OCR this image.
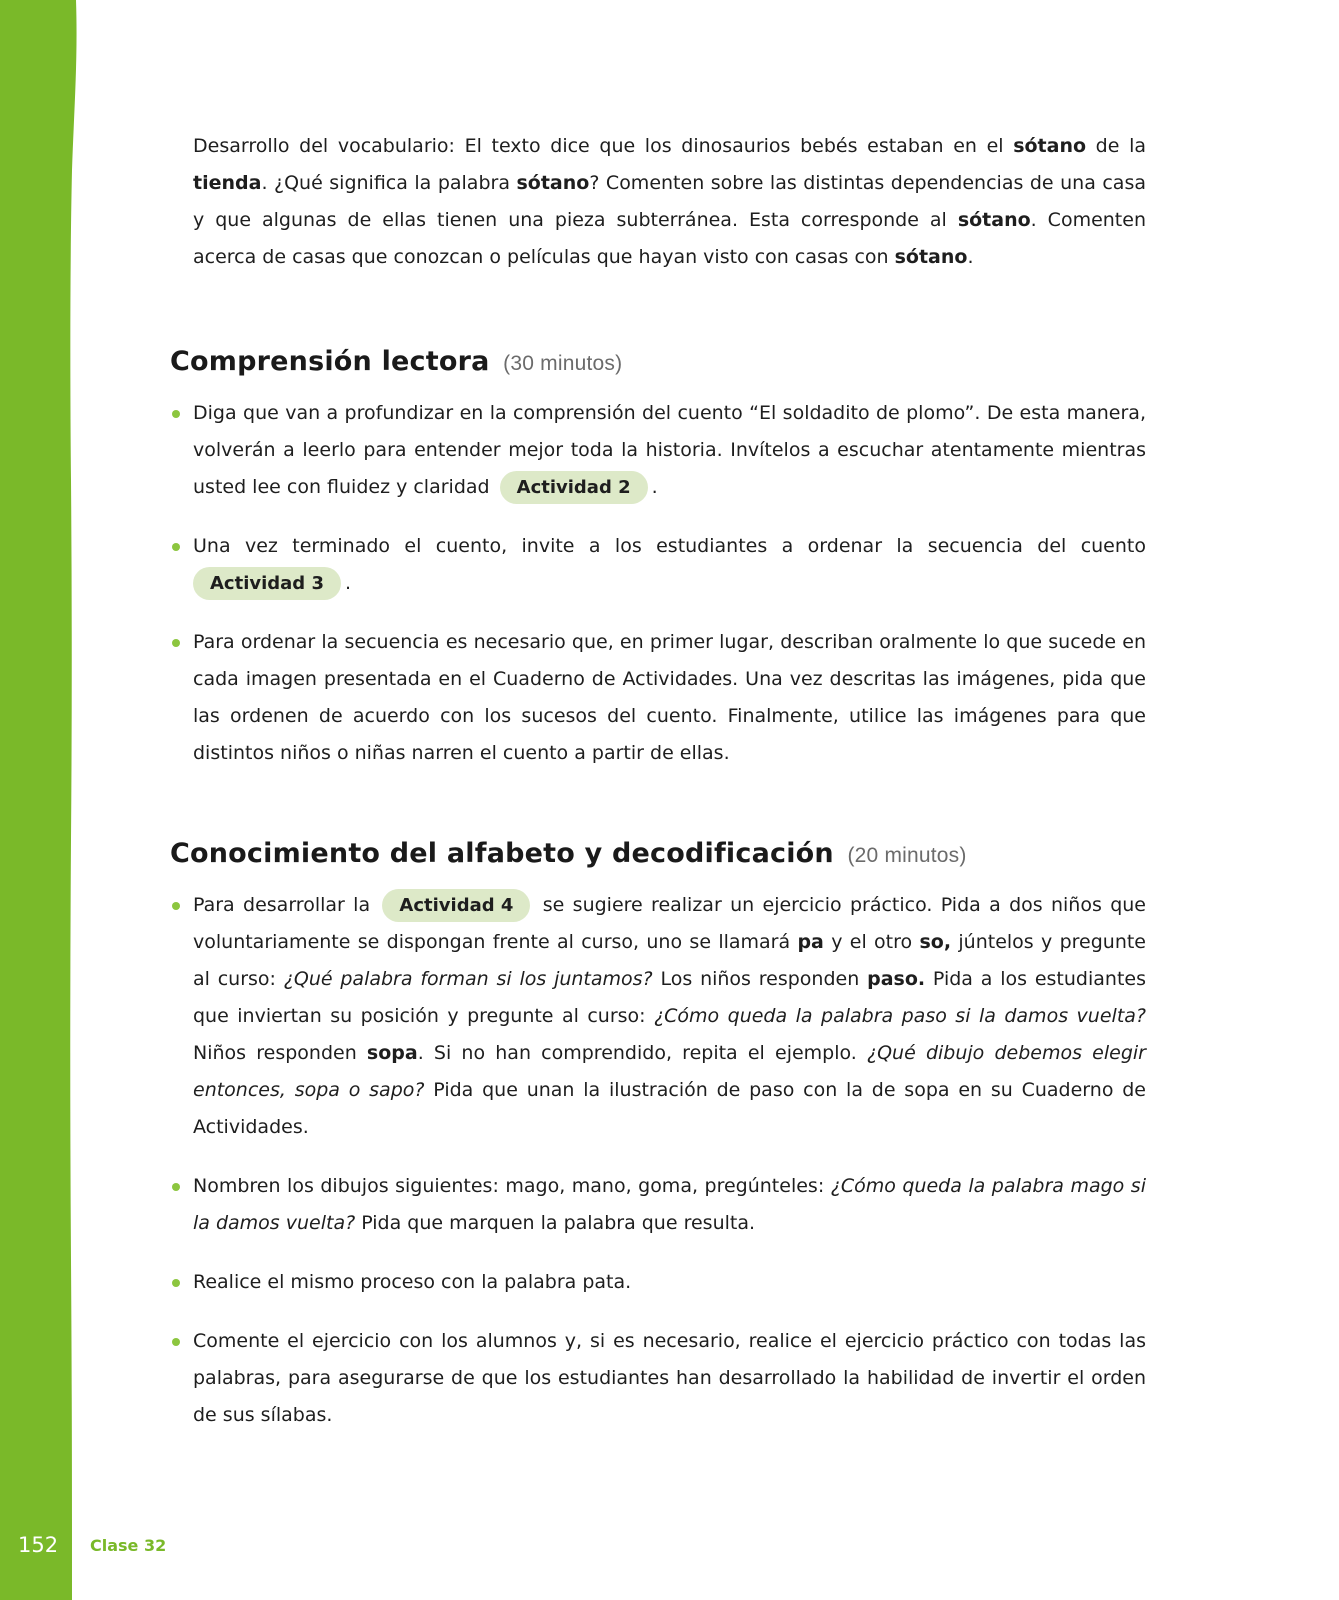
152 Clase 32

Desarrollo del vocabulario: El texto dice que los dinosaurios bebés estaban en el sótano de la tienda. ¿Qué significa la palabra sótano? Comenten sobre las distintas dependencias de una casa y que algunas de ellas tienen una pieza subterránea. Esta corresponde al sótano. Comenten acerca de casas que conozcan o películas que hayan visto con casas con sótano.

Comprensión lectora (30 minutos)
Diga que van a profundizar en la comprensión del cuento “El soldadito de plomo”. De esta manera, volverán a leerlo para entender mejor toda la historia. Invítelos a escuchar atentamente mientras usted lee con fluidez y claridad Actividad 2 .
Una vez terminado el cuento, invite a los estudiantes a ordenar la secuencia del cuento Actividad 3 .
Para ordenar la secuencia es necesario que, en primer lugar, describan oralmente lo que sucede en cada imagen presentada en el Cuaderno de Actividades. Una vez descritas las imágenes, pida que las ordenen de acuerdo con los sucesos del cuento. Finalmente, utilice las imágenes para que distintos niños o niñas narren el cuento a partir de ellas.
Conocimiento del alfabeto y decodificación (20 minutos)
Para desarrollar la Actividad 4 se sugiere realizar un ejercicio práctico. Pida a dos niños que voluntariamente se dispongan frente al curso, uno se llamará pa y el otro so, júntelos y pregunte al curso: ¿Qué palabra forman si los juntamos? Los niños responden paso. Pida a los estudiantes que inviertan su posición y pregunte al curso: ¿Cómo queda la palabra paso si la damos vuelta? Niños responden sopa. Si no han comprendido, repita el ejemplo. ¿Qué dibujo debemos elegir entonces, sopa o sapo? Pida que unan la ilustración de paso con la de sopa en su Cuaderno de Actividades.
Nombren los dibujos siguientes: mago, mano, goma, pregúnteles: ¿Cómo queda la palabra mago si la damos vuelta? Pida que marquen la palabra que resulta.
Realice el mismo proceso con la palabra pata.
Comente el ejercicio con los alumnos y, si es necesario, realice el ejercicio práctico con todas las palabras, para asegurarse de que los estudiantes han desarrollado la habilidad de invertir el orden de sus sílabas.
